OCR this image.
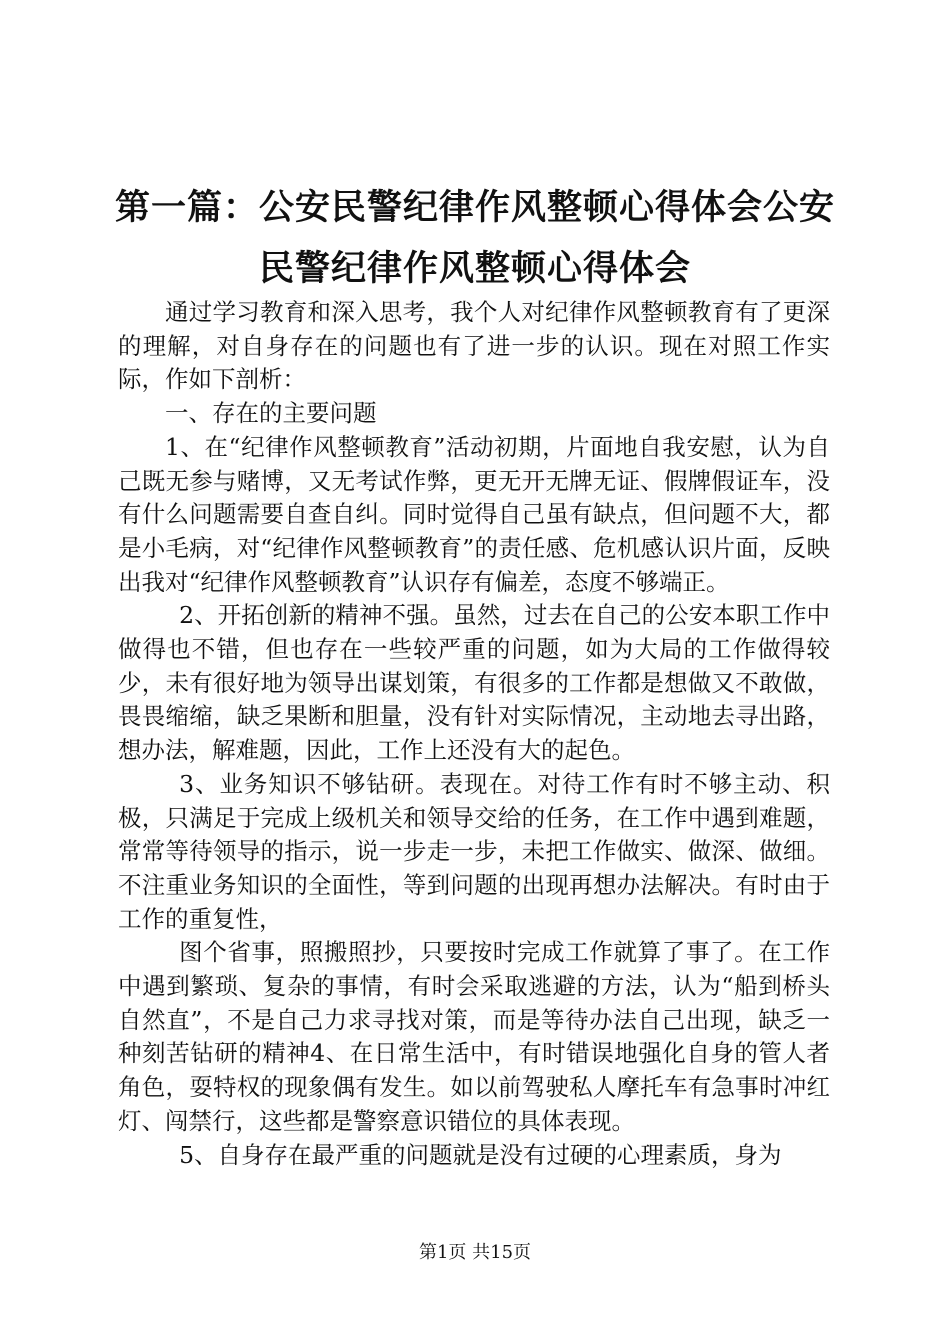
第一篇：公安民警纪律作风整顿心得体会公安
民警纪律作风整顿心得体会

通过学习教育和深入思考，我个人对纪律作风整顿教育有了更深的理解，对自身存在的问题也有了进一步的认识。现在对照工作实际，作如下剖析：

一、存在的主要问题

1、在“纪律作风整顿教育”活动初期，片面地自我安慰，认为自己既无参与赌博，又无考试作弊，更无开无牌无证、假牌假证车，没有什么问题需要自查自纠。同时觉得自己虽有缺点，但问题不大，都是小毛病，对“纪律作风整顿教育”的责任感、危机感认识片面，反映出我对“纪律作风整顿教育”认识存有偏差，态度不够端正。

2、开拓创新的精神不强。虽然，过去在自己的公安本职工作中做得也不错，但也存在一些较严重的问题，如为大局的工作做得较少，未有很好地为领导出谋划策，有很多的工作都是想做又不敢做，畏畏缩缩，缺乏果断和胆量，没有针对实际情况，主动地去寻出路，想办法，解难题，因此，工作上还没有大的起色。

3、业务知识不够钻研。表现在。对待工作有时不够主动、积极，只满足于完成上级机关和领导交给的任务，在工作中遇到难题，常常等待领导的指示，说一步走一步，未把工作做实、做深、做细。不注重业务知识的全面性，等到问题的出现再想办法解决。有时由于工作的重复性，

图个省事，照搬照抄，只要按时完成工作就算了事了。在工作中遇到繁琐、复杂的事情，有时会采取逃避的方法，认为“船到桥头自然直”，不是自己力求寻找对策，而是等待办法自己出现，缺乏一种刻苦钻研的精神4、在日常生活中，有时错误地强化自身的管人者角色，耍特权的现象偶有发生。如以前驾驶私人摩托车有急事时冲红灯、闯禁行，这些都是警察意识错位的具体表现。

5、自身存在最严重的问题就是没有过硬的心理素质，身为

第1页 共15页
